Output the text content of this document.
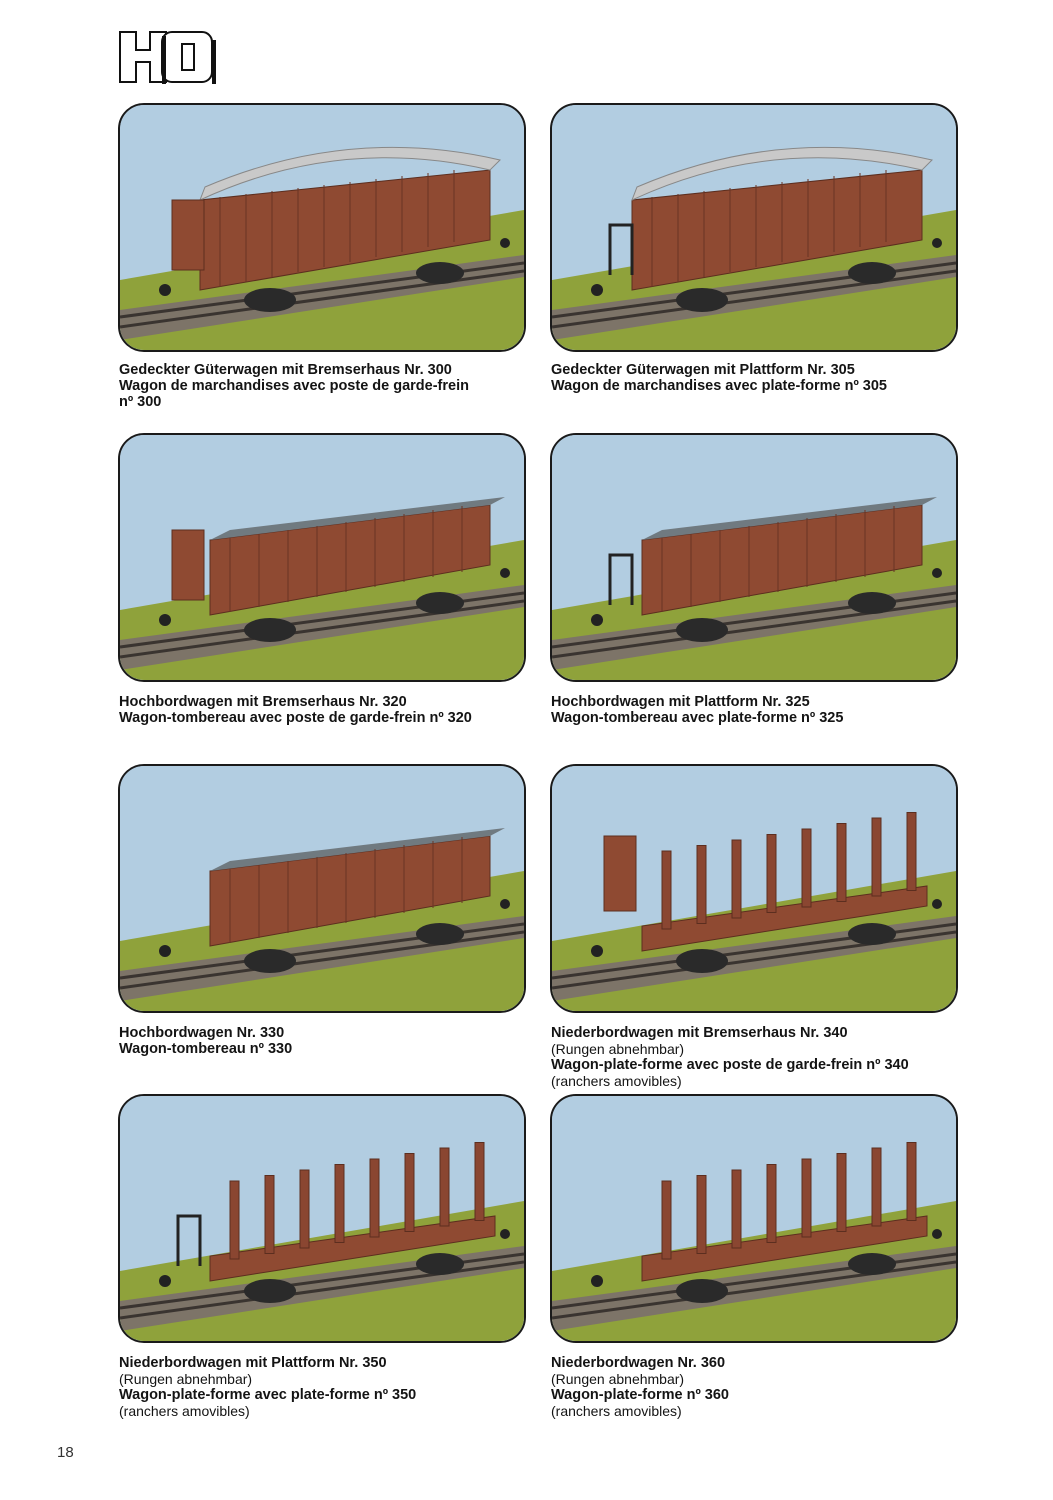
Gedeckter Güterwagen mit Bremserhaus Nr. 300
Wagon de marchandises avec poste de garde-frein
nº 300
Gedeckter Güterwagen mit Plattform Nr. 305
Wagon de marchandises avec plate-forme nº 305
Hochbordwagen mit Bremserhaus Nr. 320
Wagon-tombereau avec poste de garde-frein nº 320
Hochbordwagen mit Plattform Nr. 325
Wagon-tombereau avec plate-forme nº 325
Hochbordwagen Nr. 330
Wagon-tombereau nº 330
Niederbordwagen mit Bremserhaus Nr. 340
(Rungen abnehmbar)
Wagon-plate-forme avec poste de garde-frein nº 340
(ranchers amovibles)
Niederbordwagen mit Plattform Nr. 350
(Rungen abnehmbar)
Wagon-plate-forme avec plate-forme nº 350
(ranchers amovibles)
Niederbordwagen Nr. 360
(Rungen abnehmbar)
Wagon-plate-forme nº 360
(ranchers amovibles)
18
